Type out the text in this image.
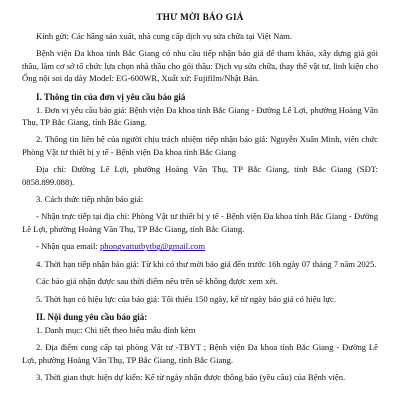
THƯ MỜI BÁO GIÁ

Kính gửi: Các hãng sản xuất, nhà cung cấp dịch vụ sửa chữa tại Việt Nam.

Bệnh viện Đa khoa tỉnh Bắc Giang có nhu cầu tiếp nhận báo giá để tham khảo, xây dựng giá gói thầu, làm cơ sở tổ chức lựa chọn nhà thầu cho gói thầu: Dịch vụ sửa chữa, thay thế vật tư, linh kiện cho Ống nội soi dạ dày Model: EG-600WR, Xuất xứ: Fujifilm/Nhật Bản.

I. Thông tin của đơn vị yêu cầu báo giá

1. Đơn vị yêu cầu báo giá: Bệnh viện Đa khoa tỉnh Bắc Giang - Đường Lê Lợi, phường Hoàng Văn Thụ, TP Bắc Giang, tỉnh Bắc Giang.

2. Thông tin liên hệ của người chịu trách nhiệm tiếp nhận báo giá: Nguyễn Xuân Minh, viên chức Phòng Vật tư thiết bị y tế - Bệnh viện Đa khoa tỉnh Bắc Giang

Địa chỉ: Đường Lê Lợi, phường Hoàng Văn Thụ, TP Bắc Giang, tỉnh Bắc Giang (SĐT: 0858.899.088).

3. Cách thức tiếp nhận báo giá:

- Nhận trực tiếp tại địa chỉ: Phòng Vật tư thiết bị y tế - Bệnh viện Đa khoa tỉnh Bắc Giang - Đường Lê Lợi, phường Hoàng Văn Thụ, TP Bắc Giang, tỉnh Bắc Giang.

- Nhận qua email: phongvattutbytbg@gmail.com

4. Thời hạn tiếp nhận báo giá: Từ khi có thư mời báo giá đến trước 16h ngày 07 tháng 7 năm 2025.

Các báo giá nhận được sau thời điểm nêu trên sẽ không được xem xét.

5. Thời hạn có hiệu lực của báo giá: Tối thiểu 150 ngày, kể từ ngày báo giá có hiệu lực.

II. Nội dung yêu cầu báo giá:

1. Danh mục: Chi tiết theo biểu mẫu đính kèm

2. Địa điểm cung cấp tại phòng Vật tư -TBYT ; Bệnh viện Đa khoa tỉnh Bắc Giang - Đường Lê Lợi, phường Hoàng Văn Thụ, TP Bắc Giang, tỉnh Bắc Giang.

3. Thời gian thực hiện dự kiến: Kể từ ngày nhận được thông báo (yêu cầu) của Bệnh viện.
